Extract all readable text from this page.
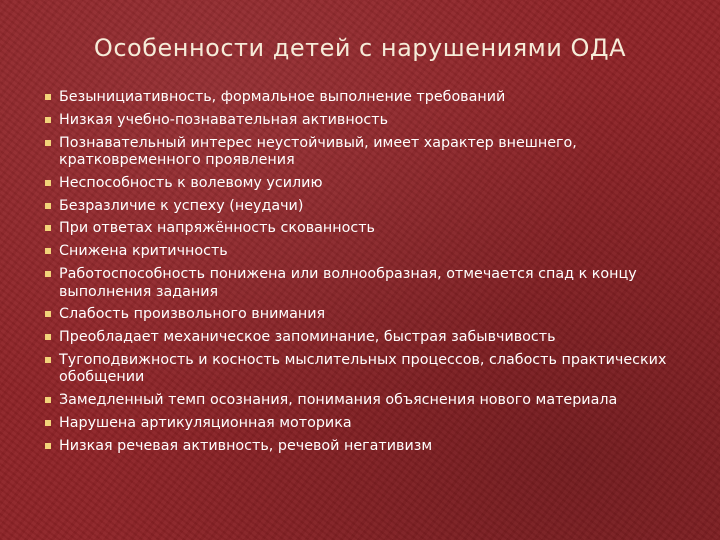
Особенности детей с нарушениями ОДА
Безынициативность, формальное выполнение требований
Низкая учебно-познавательная активность
Познавательный интерес неустойчивый, имеет характер внешнего, кратковременного проявления
Неспособность к волевому усилию
Безразличие к успеху (неудачи)
При ответах напряжённость скованность
Снижена критичность
Работоспособность понижена или волнообразная, отмечается спад к концу выполнения задания
Слабость произвольного внимания
Преобладает механическое запоминание, быстрая забывчивость
Тугоподвижность и косность мыслительных процессов, слабость практических обобщении
Замедленный темп осознания, понимания объяснения нового материала
Нарушена артикуляционная моторика
Низкая речевая активность, речевой негативизм
